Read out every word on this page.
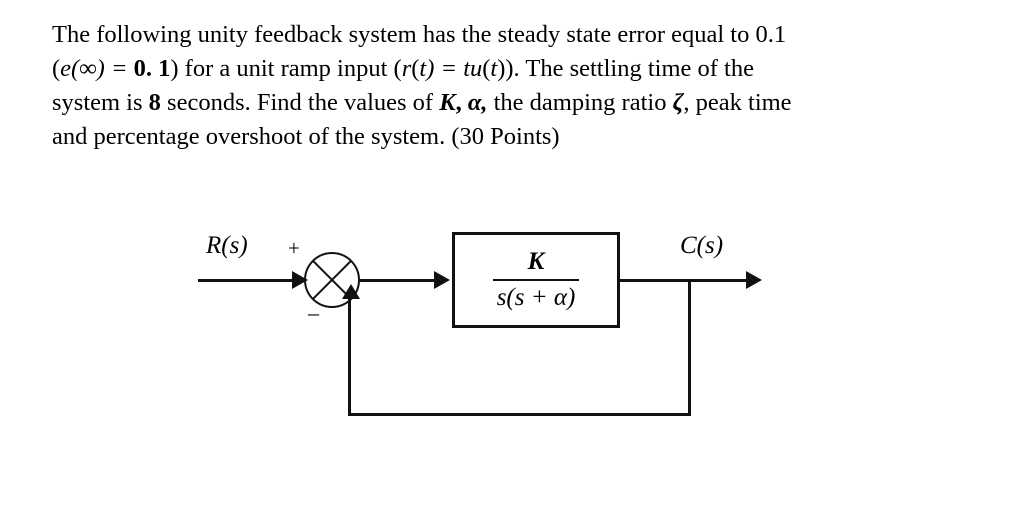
The following unity feedback system has the steady state error equal to 0.1
(e(∞) = 0. 1) for a unit ramp input (r(t) = tu(t)). The settling time of the
system is 8 seconds. Find the values of K, α, the damping ratio ζ, peak time
and percentage overshoot of the system. (30 Points)
R(s) +
–
C(s)
$\frac{K}{s(s + \alpha)}$
